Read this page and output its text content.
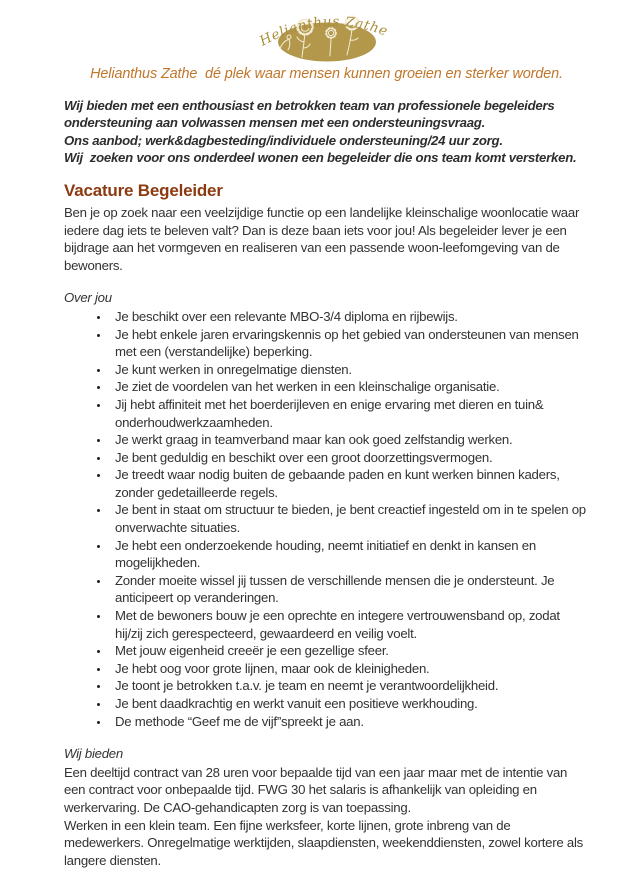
Helianthus Zathe

Helianthus Zathe  dé plek waar mensen kunnen groeien en sterker worden.

Wij bieden met een enthousiast en betrokken team van professionele begeleiders ondersteuning aan volwassen mensen met een ondersteuningsvraag.

Ons aanbod; werk&dagbesteding/individuele ondersteuning/24 uur zorg.

Wij  zoeken voor ons onderdeel wonen een begeleider die ons team komt versterken.

Vacature Begeleider

Ben je op zoek naar een veelzijdige functie op een landelijke kleinschalige woonlocatie waar iedere dag iets te beleven valt? Dan is deze baan iets voor jou! Als begeleider lever je een bijdrage aan het vormgeven en realiseren van een passende woon-leefomgeving van de bewoners.

Over jou
• Je beschikt over een relevante MBO-3/4 diploma en rijbewijs.
• Je hebt enkele jaren ervaringskennis op het gebied van ondersteunen van mensen met een (verstandelijke) beperking.
• Je kunt werken in onregelmatige diensten.
• Je ziet de voordelen van het werken in een kleinschalige organisatie.
• Jij hebt affiniteit met het boerderijleven en enige ervaring met dieren en tuin& onderhoudwerkzaamheden.
• Je werkt graag in teamverband maar kan ook goed zelfstandig werken.
• Je bent geduldig en beschikt over een groot doorzettingsvermogen.
• Je treedt waar nodig buiten de gebaande paden en kunt werken binnen kaders, zonder gedetailleerde regels.
• Je bent in staat om structuur te bieden, je bent creactief ingesteld om in te spelen op onverwachte situaties.
• Je hebt een onderzoekende houding, neemt initiatief en denkt in kansen en mogelijkheden.
• Zonder moeite wissel jij tussen de verschillende mensen die je ondersteunt. Je anticipeert op veranderingen.
• Met de bewoners bouw je een oprechte en integere vertrouwensband op, zodat hij/zij zich gerespecteerd, gewaardeerd en veilig voelt.
• Met jouw eigenheid creeër je een gezellige sfeer.
• Je hebt oog voor grote lijnen, maar ook de kleinigheden.
• Je toont je betrokken t.a.v. je team en neemt je verantwoordelijkheid.
• Je bent daadkrachtig en werkt vanuit een positieve werkhouding.
• De methode “Geef me de vijf”spreekt je aan.
Wij bieden

Een deeltijd contract van 28 uren voor bepaalde tijd van een jaar maar met de intentie van een contract voor onbepaalde tijd. FWG 30 het salaris is afhankelijk van opleiding en werkervaring. De CAO-gehandicapten zorg is van toepassing.

Werken in een klein team. Een fijne werksfeer, korte lijnen, grote inbreng van de medewerkers. Onregelmatige werktijden, slaapdiensten, weekenddiensten, zowel kortere als langere diensten.
